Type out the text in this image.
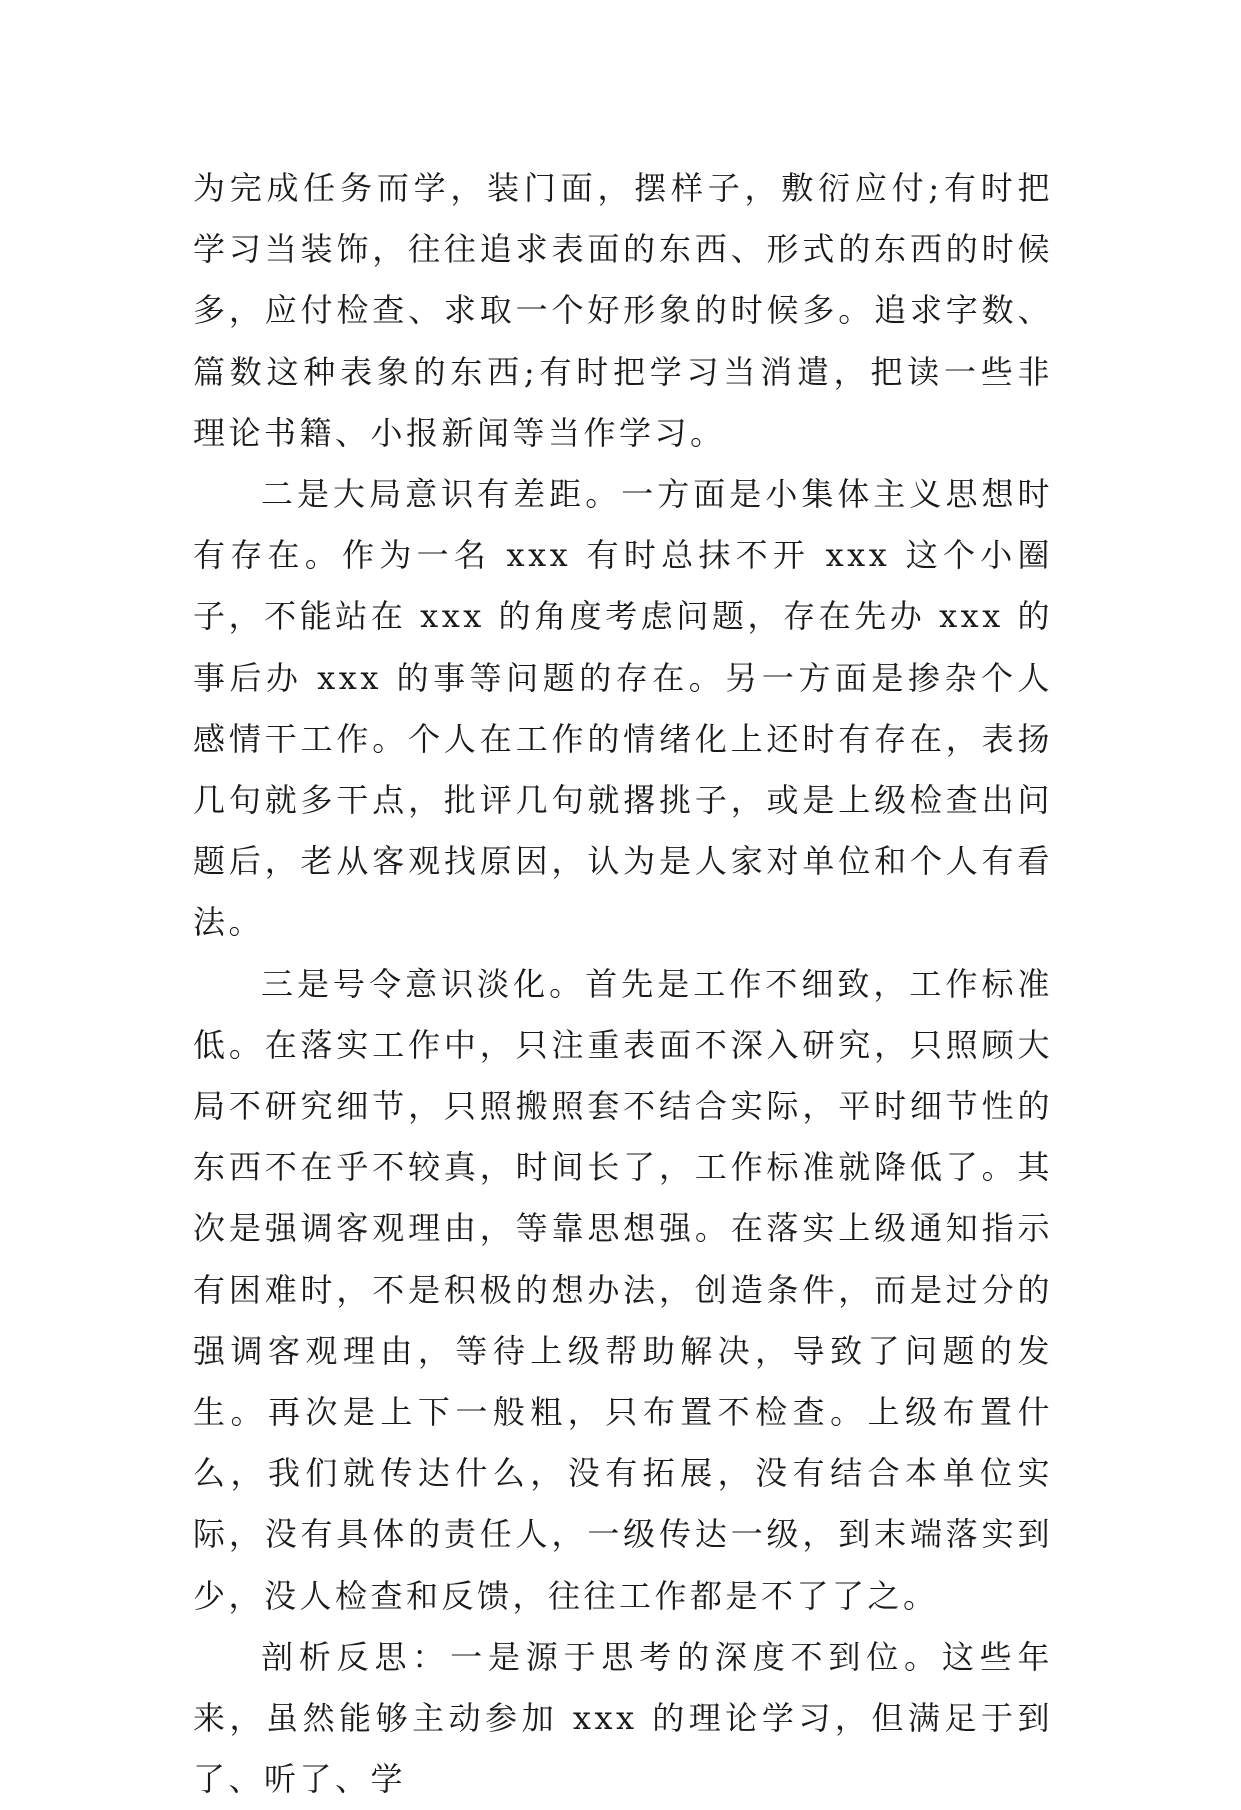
为完成任务而学，装门面，摆样子，敷衍应付;有时把学习当装饰，往往追求表面的东西、形式的东西的时候多，应付检查、求取一个好形象的时候多。追求字数、篇数这种表象的东西;有时把学习当消遣，把读一些非理论书籍、小报新闻等当作学习。

二是大局意识有差距。一方面是小集体主义思想时有存在。作为一名 xxx 有时总抹不开 xxx 这个小圈子，不能站在 xxx 的角度考虑问题，存在先办 xxx 的事后办 xxx 的事等问题的存在。另一方面是掺杂个人感情干工作。个人在工作的情绪化上还时有存在，表扬几句就多干点，批评几句就撂挑子，或是上级检查出问题后，老从客观找原因，认为是人家对单位和个人有看法。

三是号令意识淡化。首先是工作不细致，工作标准低。在落实工作中，只注重表面不深入研究，只照顾大局不研究细节，只照搬照套不结合实际，平时细节性的东西不在乎不较真，时间长了，工作标准就降低了。其次是强调客观理由，等靠思想强。在落实上级通知指示有困难时，不是积极的想办法，创造条件，而是过分的强调客观理由，等待上级帮助解决，导致了问题的发生。再次是上下一般粗，只布置不检查。上级布置什么，我们就传达什么，没有拓展，没有结合本单位实际，没有具体的责任人，一级传达一级，到末端落实到少，没人检查和反馈，往往工作都是不了了之。

剖析反思：一是源于思考的深度不到位。这些年来，虽然能够主动参加 xxx 的理论学习，但满足于到了、听了、学
